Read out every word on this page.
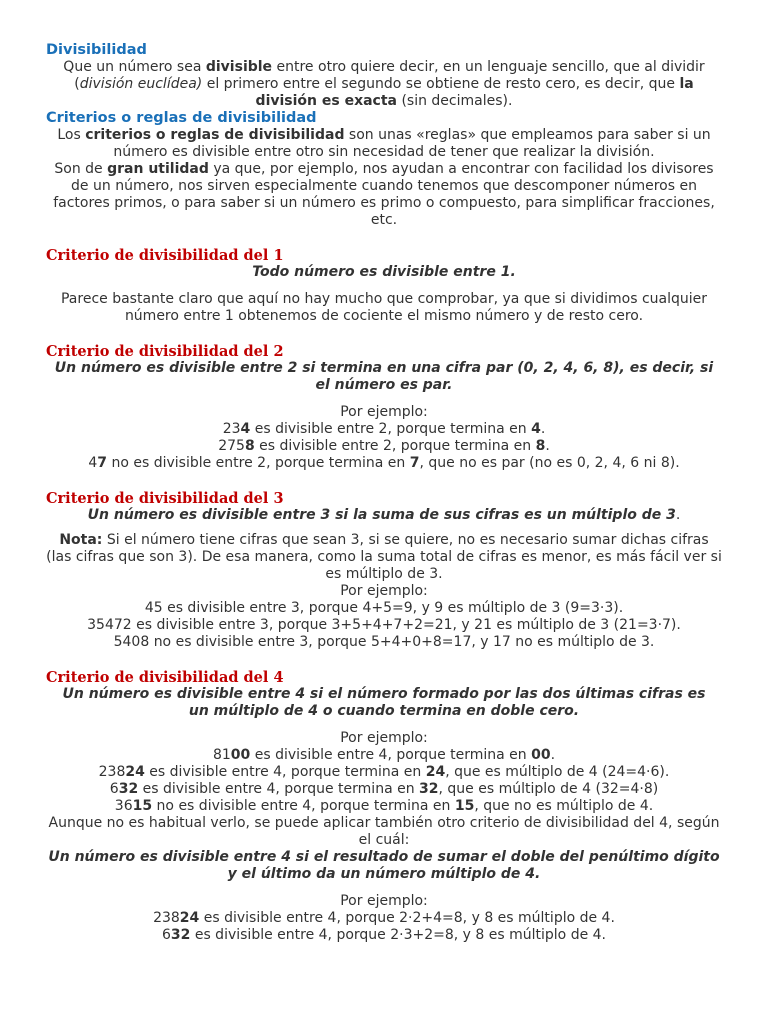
Divisibilidad

Que un número sea divisible entre otro quiere decir, en un lenguaje sencillo, que al dividir (división euclídea) el primero entre el segundo se obtiene de resto cero, es decir, que la división es exacta (sin decimales).

Criterios o reglas de divisibilidad

Los criterios o reglas de divisibilidad son unas «reglas» que empleamos para saber si un número es divisible entre otro sin necesidad de tener que realizar la división.

Son de gran utilidad ya que, por ejemplo, nos ayudan a encontrar con facilidad los divisores de un número, nos sirven especialmente cuando tenemos que descomponer números en factores primos, o para saber si un número es primo o compuesto, para simplificar fracciones, etc.

Criterio de divisibilidad del 1

Todo número es divisible entre 1.

Parece bastante claro que aquí no hay mucho que comprobar, ya que si dividimos cualquier número entre 1 obtenemos de cociente el mismo número y de resto cero.

Criterio de divisibilidad del 2

Un número es divisible entre 2 si termina en una cifra par (0, 2, 4, 6, 8), es decir, si el número es par.

Por ejemplo:

234 es divisible entre 2, porque termina en 4.

2758 es divisible entre 2, porque termina en 8.

47 no es divisible entre 2, porque termina en 7, que no es par (no es 0, 2, 4, 6 ni 8).

Criterio de divisibilidad del 3

Un número es divisible entre 3 si la suma de sus cifras es un múltiplo de 3.

Nota: Si el número tiene cifras que sean 3, si se quiere, no es necesario sumar dichas cifras (las cifras que son 3). De esa manera, como la suma total de cifras es menor, es más fácil ver si es múltiplo de 3.

Por ejemplo:

45 es divisible entre 3, porque 4+5=9, y 9 es múltiplo de 3 (9=3·3).

35472 es divisible entre 3, porque 3+5+4+7+2=21, y 21 es múltiplo de 3 (21=3·7).

5408 no es divisible entre 3, porque 5+4+0+8=17, y 17 no es múltiplo de 3.

Criterio de divisibilidad del 4

Un número es divisible entre 4 si el número formado por las dos últimas cifras es un múltiplo de 4 o cuando termina en doble cero.

Por ejemplo:

8100 es divisible entre 4, porque termina en 00.

23824 es divisible entre 4, porque termina en 24, que es múltiplo de 4 (24=4·6).

632 es divisible entre 4, porque termina en 32, que es múltiplo de 4 (32=4·8)

3615 no es divisible entre 4, porque termina en 15, que no es múltiplo de 4.

Aunque no es habitual verlo, se puede aplicar también otro criterio de divisibilidad del 4, según el cuál:

Un número es divisible entre 4 si el resultado de sumar el doble del penúltimo dígito y el último da un número múltiplo de 4.

Por ejemplo:

23824 es divisible entre 4, porque 2·2+4=8, y 8 es múltiplo de 4.

632 es divisible entre 4, porque 2·3+2=8, y 8 es múltiplo de 4.
